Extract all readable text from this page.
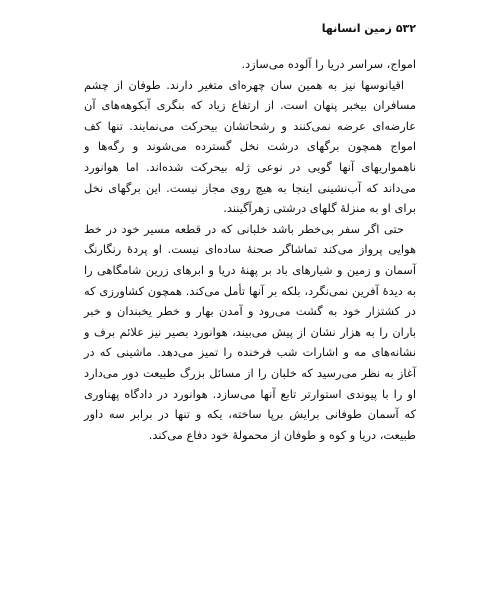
۵۳۲زمین انسانها

امواج، سراسر دریا را آلوده می‌سازد.

اقیانوسها نیز به همین سان چهره‌ای متغیر دارند. طوفان از چشم مسافران بیخبر پنهان است. از ارتفاع زیاد که بنگری آبکوهه‌های آن عارضه‌ای عرضه نمی‌کنند و رشحاتشان بیحرکت می‌نمایند. تنها کف امواج همچون برگهای درشت نخل گسترده می‌شوند و رگه‌ها و ناهمواریهای آنها گویی در نوعی ژله بیحرکت شده‌اند. اما هوانورد می‌داند که آب‌نشینی اینجا به هیچ روی مجاز نیست. این برگهای نخل برای او به منزلهٔ گلهای درشتی زهرآگینند.

حتی اگر سفر بی‌خطر باشد خلبانی که در قطعه مسیر خود در خط هوایی پرواز می‌کند تماشاگر صحنهٔ ساده‌ای نیست. او پردهٔ رنگارنگ آسمان و زمین و شیارهای باد بر پهنهٔ دریا و ابرهای زرین شامگاهی را به دیدهٔ آفرین نمی‌نگرد، بلکه بر آنها تأمل می‌کند. همچون کشاورزی که در کشتزار خود به گشت می‌رود و آمدن بهار و خطر یخبندان و خبر باران را به هزار نشان از پیش می‌بیند، هوانورد بصیر نیز علائم برف و نشانه‌های مه و اشارات شب فرخنده را تمیز می‌دهد. ماشینی که در آغاز به نظر می‌رسید که خلبان را از مسائل بزرگ طبیعت دور می‌دارد او را با پیوندی استوارتر تابع آنها می‌سازد. هوانورد در دادگاه پهناوری که آسمان طوفانی برایش برپا ساخته، یکه و تنها در برابر سه داور طبیعت، دریا و کوه و طوفان از محمولهٔ خود دفاع می‌کند.
